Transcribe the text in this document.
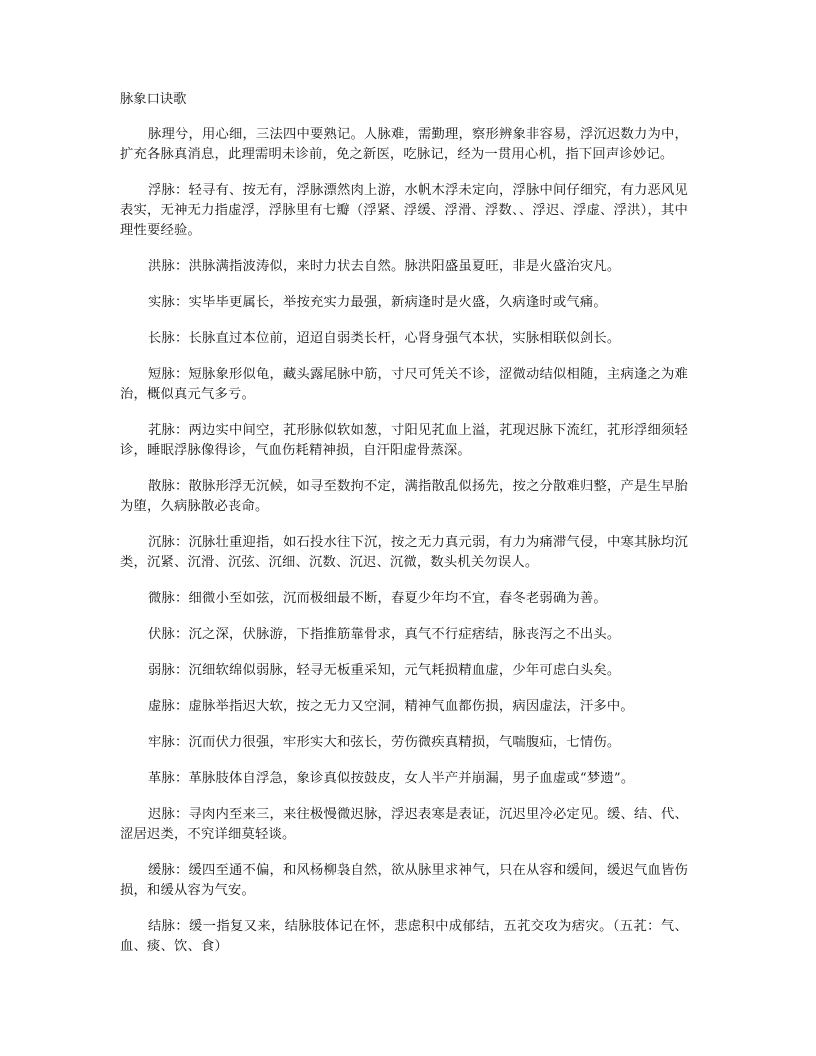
脉象口诀歌

脉理兮，用心细，三法四中要熟记。人脉难，需勤理，察形辨象非容易，浮沉迟数力为中，扩充各脉真消息，此理需明未诊前，免之新医，吃脉记，经为一贯用心机，指下回声诊妙记。

浮脉：轻寻有、按无有，浮脉漂然肉上游，水帆木浮未定向，浮脉中间仔细究，有力恶风见表实，无神无力指虚浮，浮脉里有七瓣（浮紧、浮缓、浮滑、浮数、、浮迟、浮虚、浮洪），其中理性要经验。

洪脉：洪脉满指波涛似，来时力状去自然。脉洪阳盛虽夏旺，非是火盛治灾凡。

实脉：实毕毕更属长，举按充实力最强，新病逢时是火盛，久病逢时或气痛。

长脉：长脉直过本位前，迢迢自弱类长杆，心肾身强气本状，实脉相联似剑长。

短脉：短脉象形似龟，藏头露尾脉中筋，寸尺可凭关不诊，涩微动结似相随，主病逢之为难治，概似真元气多亏。

芤脉：两边实中间空，芤形脉似软如葱，寸阳见芤血上溢，芤现迟脉下流红，芤形浮细须轻诊，睡眠浮脉像得诊，气血伤耗精神损，自汗阳虚骨蒸深。

散脉：散脉形浮无沉候，如寻至数拘不定，满指散乱似扬先，按之分散难归整，产是生早胎为堕，久病脉散必丧命。

沉脉：沉脉壮重迎指，如石投水往下沉，按之无力真元弱，有力为痛滞气侵，中寒其脉均沉类，沉紧、沉滑、沉弦、沉细、沉数、沉迟、沉微，数头机关勿误人。

微脉：细微小至如弦，沉而极细最不断，春夏少年均不宜，春冬老弱确为善。

伏脉：沉之深，伏脉游，下指推筋靠骨求，真气不行症痞结，脉丧泻之不出头。

弱脉：沉细软绵似弱脉，轻寻无板重采知，元气耗损精血虚，少年可虑白头矣。

虚脉：虚脉举指迟大软，按之无力又空洞，精神气血都伤损，病因虚法，汗多中。

牢脉：沉而伏力很强，牢形实大和弦长，劳伤微疾真精损，气喘腹疝，七情伤。

革脉：革脉肢体自浮急，象诊真似按鼓皮，女人半产并崩漏，男子血虚或“梦遗”。

迟脉：寻肉内至来三，来往极慢微迟脉，浮迟表寒是表证，沉迟里冷必定见。缓、结、代、涩居迟类，不究详细莫轻谈。

缓脉：缓四至通不偏，和风杨柳袅自然，欲从脉里求神气，只在从容和缓间，缓迟气血皆伤损，和缓从容为气安。

结脉：缓一指复又来，结脉肢体记在怀，悲虑积中成郁结，五芤交攻为痞灾。（五芤：气、血、痰、饮、食）
